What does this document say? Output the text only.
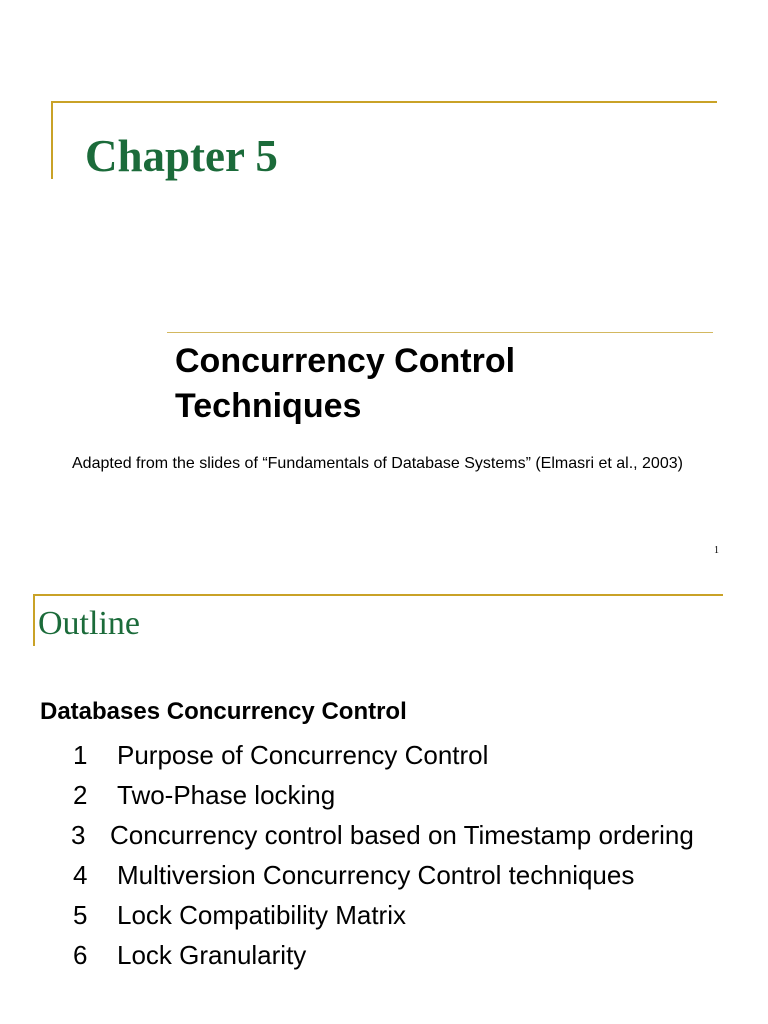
Chapter 5
Concurrency Control
Techniques

Adapted from the slides of “Fundamentals of Database Systems” (Elmasri et al., 2003)

1
Outline
Databases Concurrency Control
1 Purpose of Concurrency Control
2 Two-Phase locking
3 Concurrency control based on Timestamp ordering
4 Multiversion Concurrency Control techniques
5 Lock Compatibility Matrix
6 Lock Granularity
